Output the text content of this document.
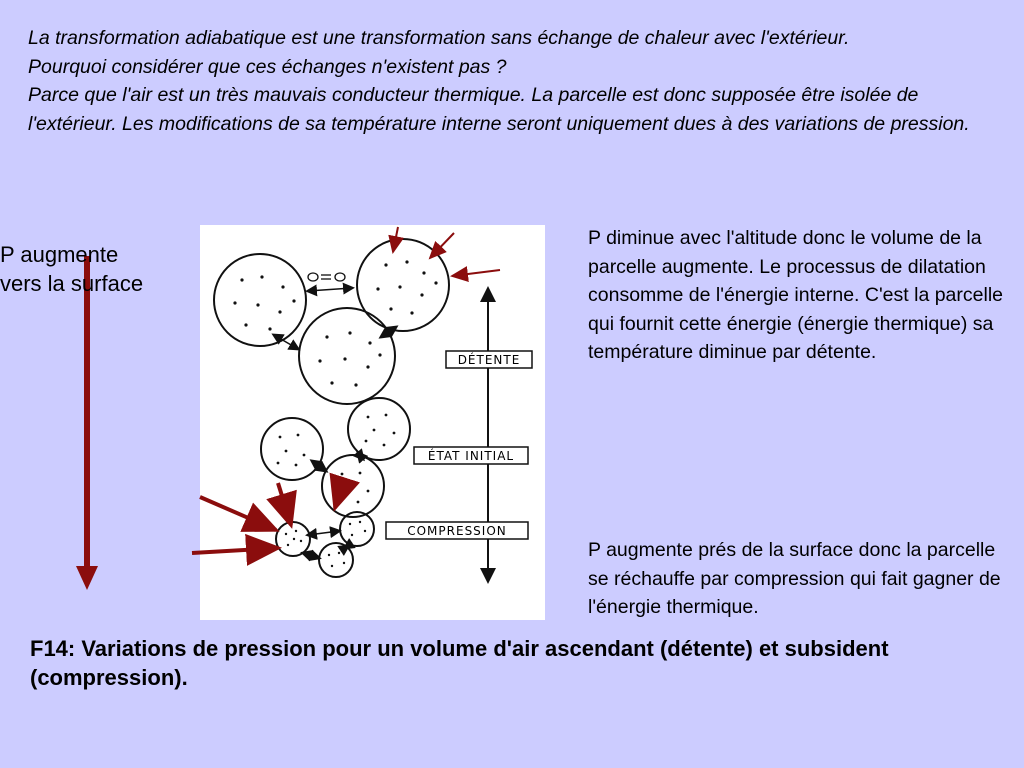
La transformation adiabatique est une transformation sans échange de chaleur avec l'extérieur.

Pourquoi considérer que ces échanges n'existent pas ?

Parce que l'air est un très mauvais conducteur thermique. La parcelle est donc supposée être isolée de l'extérieur. Les modifications de sa température interne seront uniquement dues à des variations de pression.

P augmente
vers la surface
DÉTENTE
ÉTAT INITIAL
COMPRESSION
P diminue avec l'altitude donc le volume de la parcelle augmente. Le processus de dilatation consomme de l'énergie interne. C'est la parcelle qui fournit cette énergie (énergie thermique) sa température diminue par détente.
P augmente prés de la surface donc la parcelle se réchauffe par compression qui fait gagner de l'énergie thermique.
F14: Variations de pression pour un volume d'air ascendant (détente) et subsident (compression).
